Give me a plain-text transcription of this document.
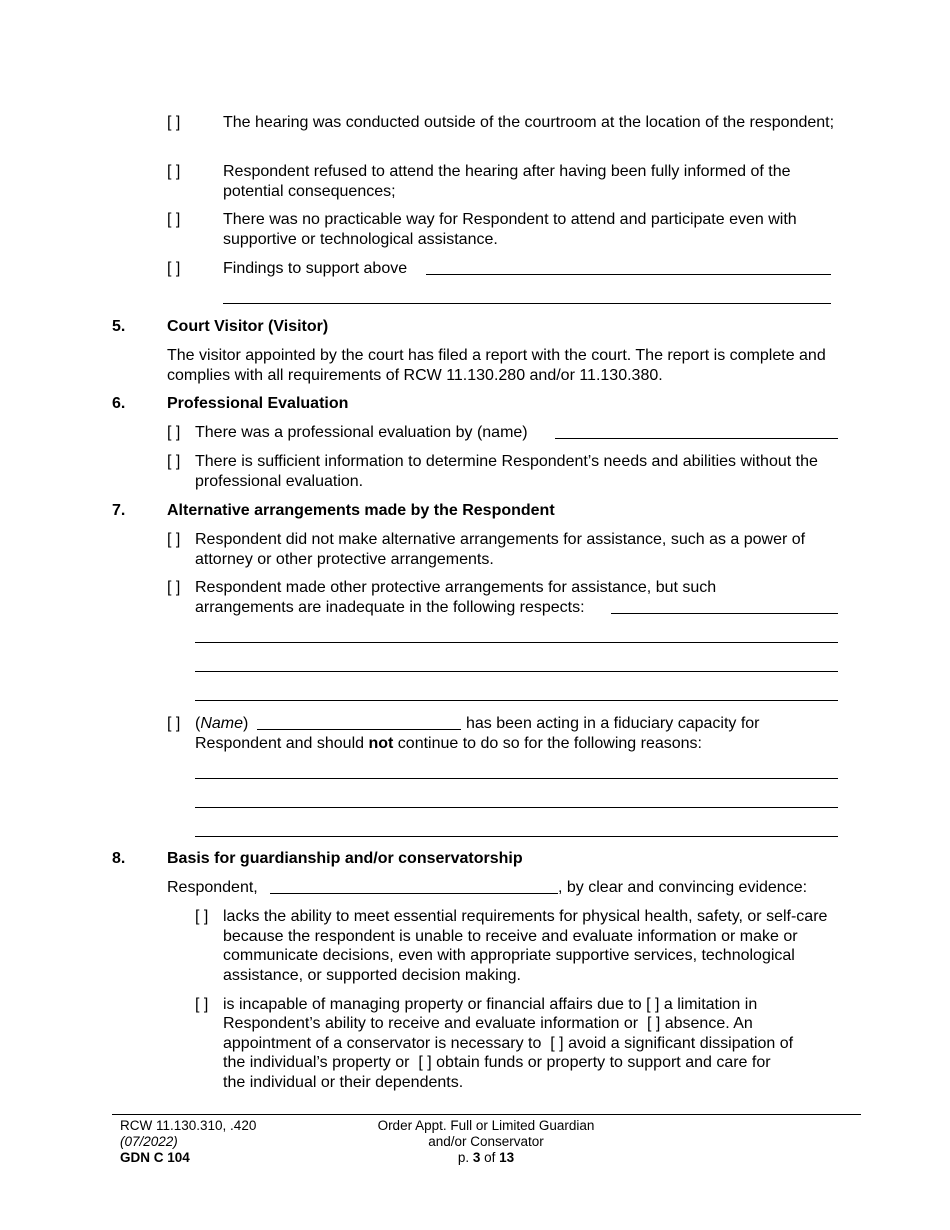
[ ]	The hearing was conducted outside of the courtroom at the location of the respondent;
[ ]	Respondent refused to attend the hearing after having been fully informed of the potential consequences;
[ ]	There was no practicable way for Respondent to attend and participate even with supportive or technological assistance.
[ ]	Findings to support above
5.	Court Visitor (Visitor)
The visitor appointed by the court has filed a report with the court. The report is complete and complies with all requirements of RCW 11.130.280 and/or 11.130.380.
6.	Professional Evaluation
[ ] There was a professional evaluation by (name)
[ ] There is sufficient information to determine Respondent’s needs and abilities without the professional evaluation.
7.	Alternative arrangements made by the Respondent
[ ] Respondent did not make alternative arrangements for assistance, such as a power of attorney or other protective arrangements.
[ ] Respondent made other protective arrangements for assistance, but such
arrangements are inadequate in the following respects:
[ ] (Name)	has been acting in a fiduciary capacity for
Respondent and should not continue to do so for the following reasons:
8.	Basis for guardianship and/or conservatorship
Respondent,	, by clear and convincing evidence:
[ ] lacks the ability to meet essential requirements for physical health, safety, or self-care because the respondent is unable to receive and evaluate information or make or communicate decisions, even with appropriate supportive services, technological assistance, or supported decision making.
[ ] is incapable of managing property or financial affairs due to [ ] a limitation in
Respondent’s ability to receive and evaluate information or  [ ] absence. An
appointment of a conservator is necessary to  [ ] avoid a significant dissipation of
the individual’s property or  [ ] obtain funds or property to support and care for
the individual or their dependents.
RCW 11.130.310, .420
(07/2022)
GDN C 104
Order Appt. Full or Limited Guardian
and/or Conservator
p. 3 of 13
